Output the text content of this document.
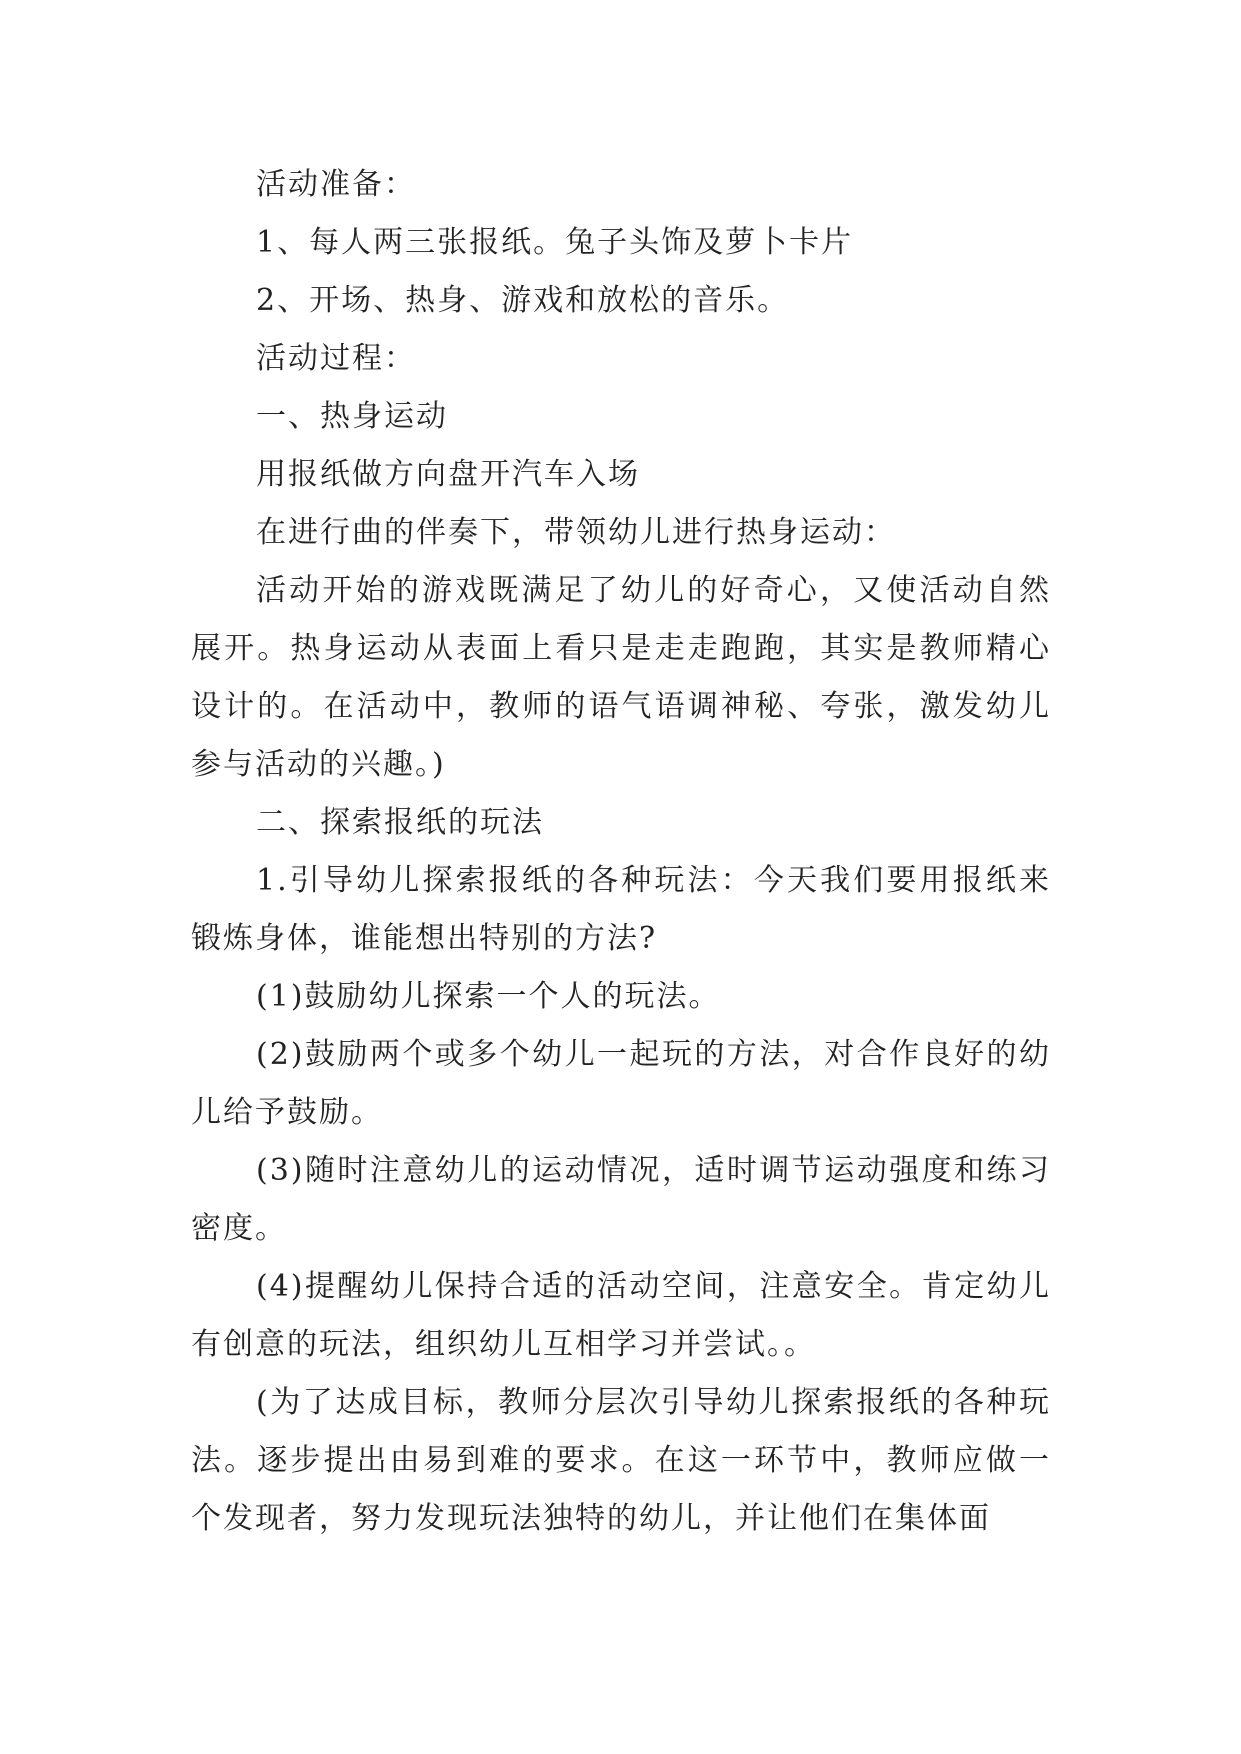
活动准备：

1、每人两三张报纸。兔子头饰及萝卜卡片

2、开场、热身、游戏和放松的音乐。

活动过程：

一、热身运动

用报纸做方向盘开汽车入场

在进行曲的伴奏下，带领幼儿进行热身运动：

活动开始的游戏既满足了幼儿的好奇心，又使活动自然展开。热身运动从表面上看只是走走跑跑，其实是教师精心设计的。在活动中，教师的语气语调神秘、夸张，激发幼儿参与活动的兴趣。)

二、探索报纸的玩法

1.引导幼儿探索报纸的各种玩法：今天我们要用报纸来锻炼身体，谁能想出特别的方法?

(1)鼓励幼儿探索一个人的玩法。

(2)鼓励两个或多个幼儿一起玩的方法，对合作良好的幼儿给予鼓励。

(3)随时注意幼儿的运动情况，适时调节运动强度和练习密度。

(4)提醒幼儿保持合适的活动空间，注意安全。肯定幼儿有创意的玩法，组织幼儿互相学习并尝试。。

(为了达成目标，教师分层次引导幼儿探索报纸的各种玩法。逐步提出由易到难的要求。在这一环节中，教师应做一个发现者，努力发现玩法独特的幼儿，并让他们在集体面
